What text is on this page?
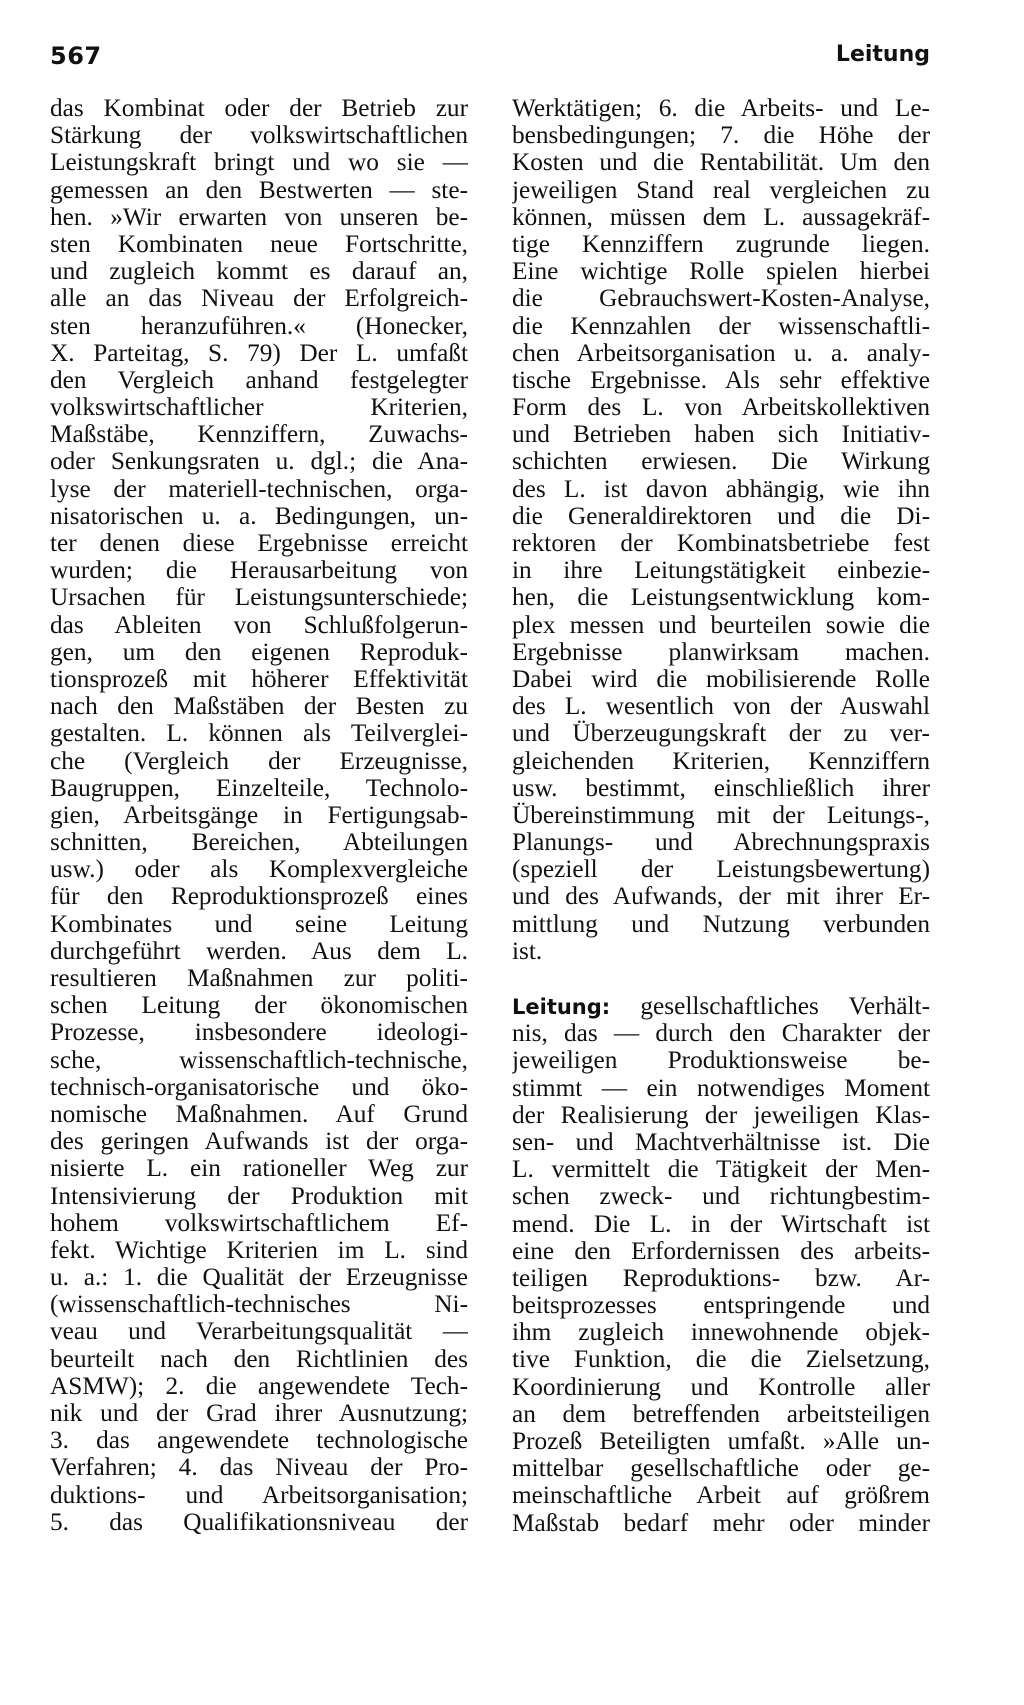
567	Leitung
das Kombinat oder der Betrieb zur
Stärkung der volkswirtschaftlichen
Leistungskraft bringt und wo sie —
gemessen an den Bestwerten — ste-
hen. »Wir erwarten von unseren be-
sten Kombinaten neue Fortschritte,
und zugleich kommt es darauf an,
alle an das Niveau der Erfolgreich-
sten heranzuführen.« (Honecker,
X. Parteitag, S. 79) Der L. umfaßt
den Vergleich anhand festgelegter
volkswirtschaftlicher Kriterien,
Maßstäbe, Kennziffern, Zuwachs-
oder Senkungsraten u. dgl.; die Ana-
lyse der materiell-technischen, orga-
nisatorischen u. a. Bedingungen, un-
ter denen diese Ergebnisse erreicht
wurden; die Herausarbeitung von
Ursachen für Leistungsunterschiede;
das Ableiten von Schlußfolgerun-
gen, um den eigenen Reproduk-
tionsprozeß mit höherer Effektivität
nach den Maßstäben der Besten zu
gestalten. L. können als Teilverglei-
che (Vergleich der Erzeugnisse,
Baugruppen, Einzelteile, Technolo-
gien, Arbeitsgänge in Fertigungsab-
schnitten, Bereichen, Abteilungen
usw.) oder als Komplexvergleiche
für den Reproduktionsprozeß eines
Kombinates und seine Leitung
durchgeführt werden. Aus dem L.
resultieren Maßnahmen zur politi-
schen Leitung der ökonomischen
Prozesse, insbesondere ideologi-
sche, wissenschaftlich-technische,
technisch-organisatorische und öko-
nomische Maßnahmen. Auf Grund
des geringen Aufwands ist der orga-
nisierte L. ein rationeller Weg zur
Intensivierung der Produktion mit
hohem volkswirtschaftlichem Ef-
fekt. Wichtige Kriterien im L. sind
u. a.: 1. die Qualität der Erzeugnisse
(wissenschaftlich-technisches Ni-
veau und Verarbeitungsqualität —
beurteilt nach den Richtlinien des
ASMW); 2. die angewendete Tech-
nik und der Grad ihrer Ausnutzung;
3. das angewendete technologische
Verfahren; 4. das Niveau der Pro-
duktions- und Arbeitsorganisation;
5. das Qualifikationsniveau der
Werktätigen; 6. die Arbeits- und Le-
bensbedingungen; 7. die Höhe der
Kosten und die Rentabilität. Um den
jeweiligen Stand real vergleichen zu
können, müssen dem L. aussagekräf-
tige Kennziffern zugrunde liegen.
Eine wichtige Rolle spielen hierbei
die Gebrauchswert-Kosten-Analyse,
die Kennzahlen der wissenschaftli-
chen Arbeitsorganisation u. a. analy-
tische Ergebnisse. Als sehr effektive
Form des L. von Arbeitskollektiven
und Betrieben haben sich Initiativ-
schichten erwiesen. Die Wirkung
des L. ist davon abhängig, wie ihn
die Generaldirektoren und die Di-
rektoren der Kombinatsbetriebe fest
in ihre Leitungstätigkeit einbezie-
hen, die Leistungsentwicklung kom-
plex messen und beurteilen sowie die
Ergebnisse planwirksam machen.
Dabei wird die mobilisierende Rolle
des L. wesentlich von der Auswahl
und Überzeugungskraft der zu ver-
gleichenden Kriterien, Kennziffern
usw. bestimmt, einschließlich ihrer
Übereinstimmung mit der Leitungs-,
Planungs- und Abrechnungspraxis
(speziell der Leistungsbewertung)
und des Aufwands, der mit ihrer Er-
mittlung und Nutzung verbunden
ist.
Leitung: gesellschaftliches Verhält-
nis, das — durch den Charakter der
jeweiligen Produktionsweise be-
stimmt — ein notwendiges Moment
der Realisierung der jeweiligen Klas-
sen- und Machtverhältnisse ist. Die
L. vermittelt die Tätigkeit der Men-
schen zweck- und richtungbestim-
mend. Die L. in der Wirtschaft ist
eine den Erfordernissen des arbeits-
teiligen Reproduktions- bzw. Ar-
beitsprozesses entspringende und
ihm zugleich innewohnende objek-
tive Funktion, die die Zielsetzung,
Koordinierung und Kontrolle aller
an dem betreffenden arbeitsteiligen
Prozeß Beteiligten umfaßt. »Alle un-
mittelbar gesellschaftliche oder ge-
meinschaftliche Arbeit auf größrem
Maßstab bedarf mehr oder minder
